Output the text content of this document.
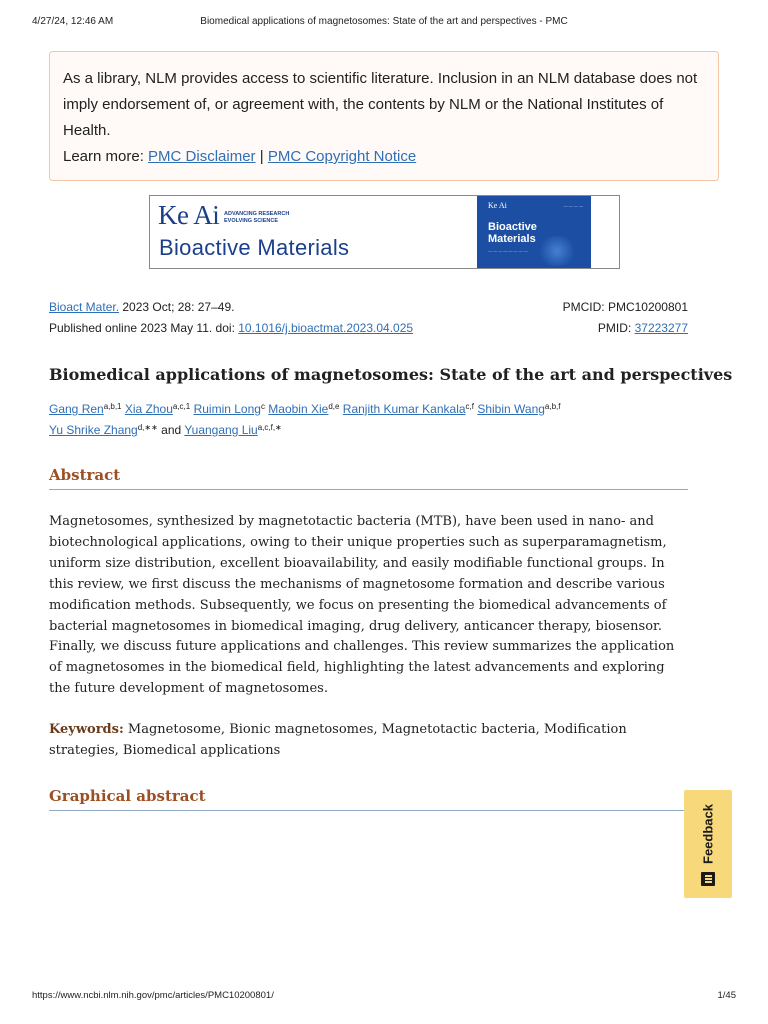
4/27/24, 12:46 AM	Biomedical applications of magnetosomes: State of the art and perspectives - PMC
As a library, NLM provides access to scientific literature. Inclusion in an NLM database does not imply endorsement of, or agreement with, the contents by NLM or the National Institutes of Health.
Learn more: PMC Disclaimer | PMC Copyright Notice
Ke Ai ADVANCING RESEARCH
EVOLVING SCIENCE
Bioactive Materials
Ke Ai	— — — —
Bioactive
Materials
— — — — — — — —
Bioact Mater. 2023 Oct; 28: 27–49.	PMCID: PMC10200801
Published online 2023 May 11. doi: 10.1016/j.bioactmat.2023.04.025	PMID: 37223277
Biomedical applications of magnetosomes: State of the art and perspectives
Gang Ren$^{a,b,1}$ Xia Zhou$^{a,c,1}$ Ruimin Long$^c$ Maobin Xie$^{d,e}$ Ranjith Kumar Kankala$^{c,f}$ Shibin Wang$^{a,b,f}$
Yu Shrike Zhang$^{d,∗∗}$ and Yuangang Liu$^{a,c,f,∗}$
Abstract

Magnetosomes, synthesized by magnetotactic bacteria (MTB), have been used in nano- and biotechnological applications, owing to their unique properties such as superparamagnetism, uniform size distribution, excellent bioavailability, and easily modifiable functional groups. In this review, we first discuss the mechanisms of magnetosome formation and describe various modification methods. Subsequently, we focus on presenting the biomedical advancements of bacterial magnetosomes in biomedical imaging, drug delivery, anticancer therapy, biosensor. Finally, we discuss future applications and challenges. This review summarizes the application of magnetosomes in the biomedical field, highlighting the latest advancements and exploring the future development of magnetosomes.

Keywords: Magnetosome, Bionic magnetosomes, Magnetotactic bacteria, Modification strategies, Biomedical applications

Graphical abstract
Feedback
https://www.ncbi.nlm.nih.gov/pmc/articles/PMC10200801/	1/45
